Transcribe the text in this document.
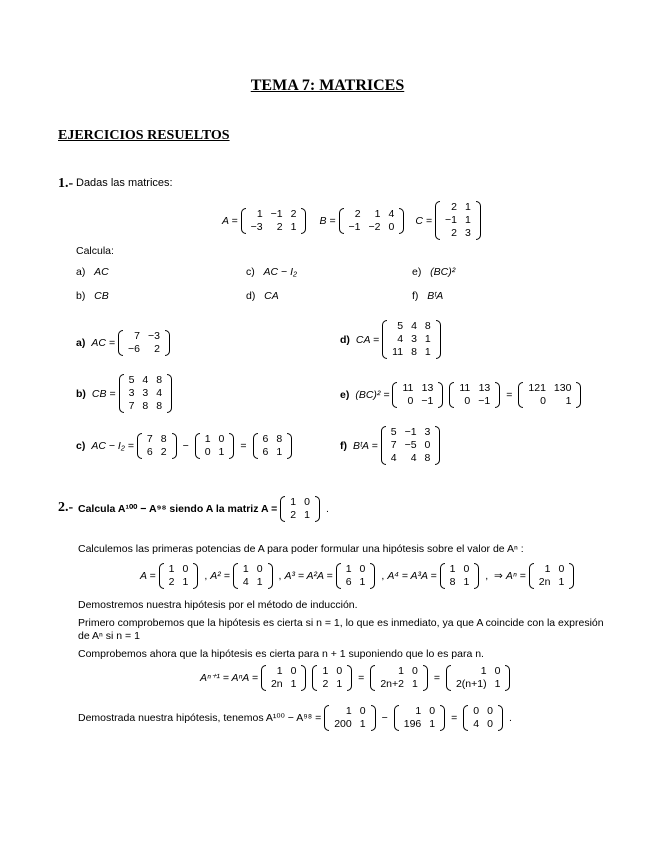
TEMA 7: MATRICES
EJERCICIOS RESUELTOS
1.- Dadas las matrices:
A =
1	−1	2
−3	2	1 B =
2	1	4
−1	−2	0 C =
2	1
−1	1
2	3
Calcula:
a) AC	c) AC − I₂	e) (BC)²
b) CB	d) CA	f) BᵗA
a) AC =
7	−3
−6	2
d) CA =
5	4	8
4	3	1
11	8	1
b) CB =
5	4	8
3	3	4
7	8	8
e) (BC)² =
11	13
0	−1
11	13
0	−1 =
121	130
0	1
c) AC − I₂ =
7	8
6	2 −
1	0
0	1 =
6	8
6	1
f) BᵗA =
5	−1	3
7	−5	0
4	4	8
2.- Calcula A¹⁰⁰ − A⁹⁸ siendo A la matriz A =
1	0
2	1 .
Calculemos las primeras potencias de A para poder formular una hipótesis sobre el valor de Aⁿ :
A =
1	0
2	1 , A² =
1	0
4	1 , A³ = A²A =
1	0
6	1 , A⁴ = A³A =
1	0
8	1 ,  ⇒ Aⁿ =
1	0
2n	1
Demostremos nuestra hipótesis por el método de inducción.
Primero comprobemos que la hipótesis es cierta si n = 1, lo que es inmediato, ya que A coincide con la expresión
de Aⁿ si n = 1
Comprobemos ahora que la hipótesis es cierta para n + 1 suponiendo que lo es para n.
Aⁿ⁺¹ = AⁿA =
1	0
2n	1
1	0
2	1 =
1	0
2n+2	1 =
1	0
2(n+1)	1
Demostrada nuestra hipótesis, tenemos A¹⁰⁰ − A⁹⁸ =
1	0
200	1 −
1	0
196	1 =
0	0
4	0 .
